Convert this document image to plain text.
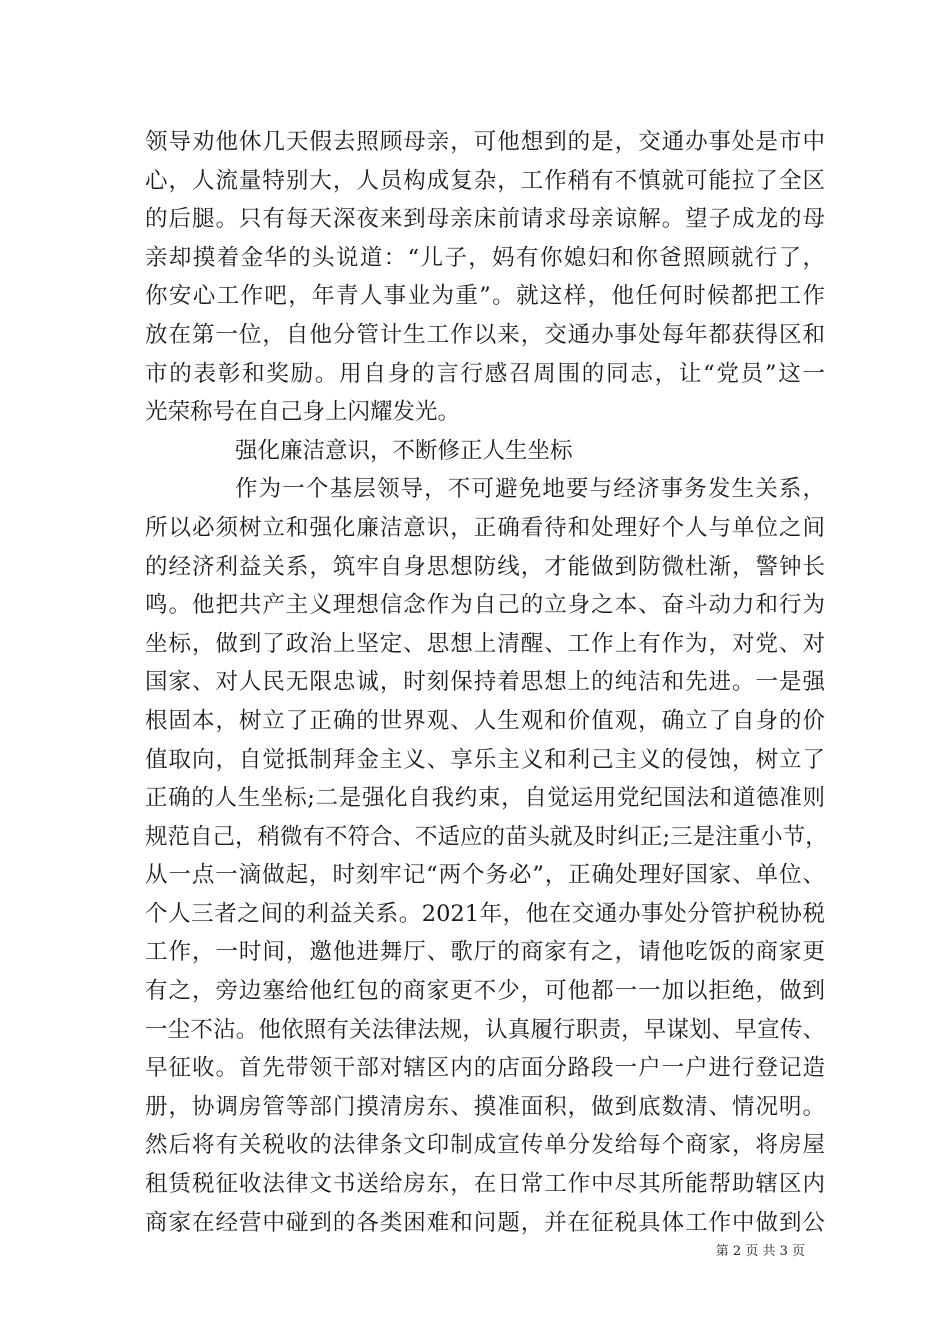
领导劝他休几天假去照顾母亲，可他想到的是，交通办事处是市中
心，人流量特别大，人员构成复杂，工作稍有不慎就可能拉了全区
的后腿。只有每天深夜来到母亲床前请求母亲谅解。望子成龙的母
亲却摸着金华的头说道：“儿子，妈有你媳妇和你爸照顾就行了，
你安心工作吧，年青人事业为重”。就这样，他任何时候都把工作
放在第一位，自他分管计生工作以来，交通办事处每年都获得区和
市的表彰和奖励。用自身的言行感召周围的同志，让“党员”这一
光荣称号在自己身上闪耀发光。
强化廉洁意识，不断修正人生坐标
作为一个基层领导，不可避免地要与经济事务发生关系，
所以必须树立和强化廉洁意识，正确看待和处理好个人与单位之间
的经济利益关系，筑牢自身思想防线，才能做到防微杜渐，警钟长
鸣。他把共产主义理想信念作为自己的立身之本、奋斗动力和行为
坐标，做到了政治上坚定、思想上清醒、工作上有作为，对党、对
国家、对人民无限忠诚，时刻保持着思想上的纯洁和先进。一是强
根固本，树立了正确的世界观、人生观和价值观，确立了自身的价
值取向，自觉抵制拜金主义、享乐主义和利己主义的侵蚀，树立了
正确的人生坐标;二是强化自我约束，自觉运用党纪国法和道德准则
规范自己，稍微有不符合、不适应的苗头就及时纠正;三是注重小节，
从一点一滴做起，时刻牢记“两个务必”，正确处理好国家、单位、
个人三者之间的利益关系。2021年，他在交通办事处分管护税协税
工作，一时间，邀他进舞厅、歌厅的商家有之，请他吃饭的商家更
有之，旁边塞给他红包的商家更不少，可他都一一加以拒绝，做到
一尘不沾。他依照有关法律法规，认真履行职责，早谋划、早宣传、
早征收。首先带领干部对辖区内的店面分路段一户一户进行登记造
册，协调房管等部门摸清房东、摸准面积，做到底数清、情况明。
然后将有关税收的法律条文印制成宣传单分发给每个商家，将房屋
租赁税征收法律文书送给房东，在日常工作中尽其所能帮助辖区内
商家在经营中碰到的各类困难和问题，并在征税具体工作中做到公
第 2 页 共 3 页
